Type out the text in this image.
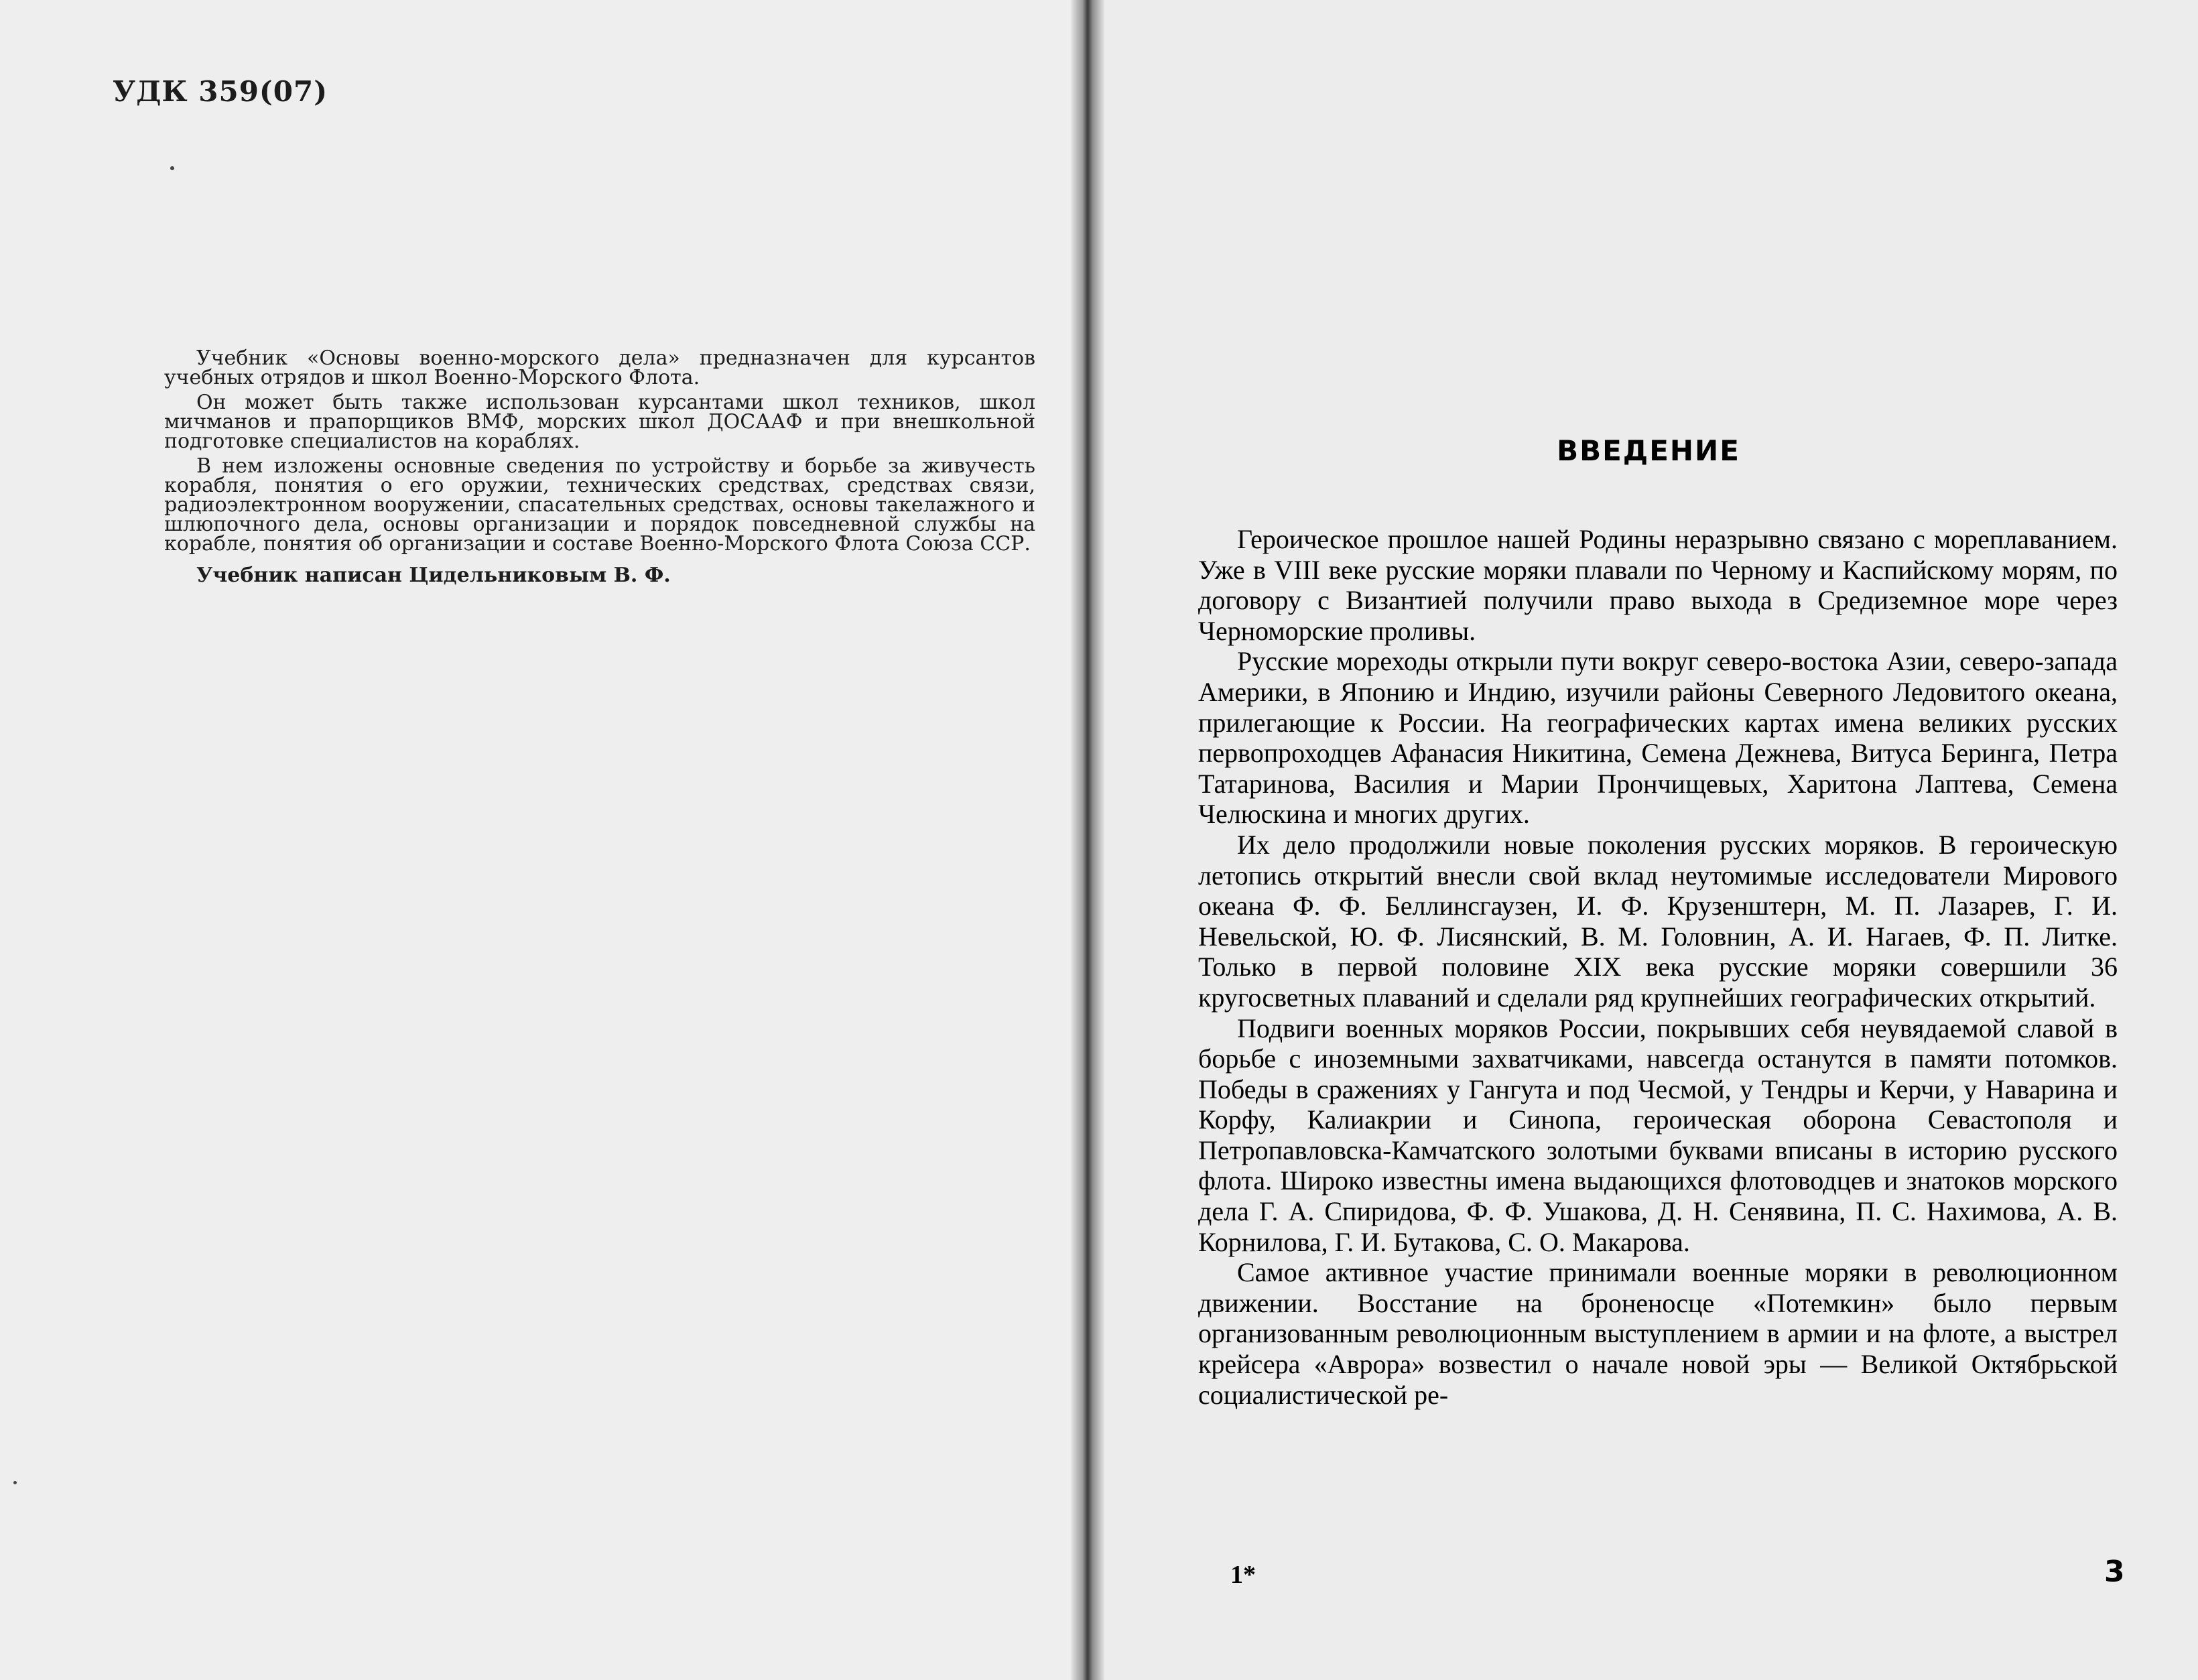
УДК 359(07)

Учебник «Основы военно-морского дела» предназначен для курсантов учебных отрядов и школ Военно-Морского Флота.

Он может быть также использован курсантами школ техников, школ мичманов и прапорщиков ВМФ, морских школ ДОСААФ и при внешкольной подготовке специалистов на кораблях.

В нем изложены основные сведения по устройству и борьбе за живучесть корабля, понятия о его оружии, технических средствах, средствах связи, радиоэлектронном вооружении, спасательных средствах, основы такелажного и шлюпочного дела, основы организации и порядок повседневной службы на корабле, понятия об организации и составе Военно-Морского Флота Союза ССР.

Учебник написан Цидельниковым В. Ф.

ВВЕДЕНИЕ

Героическое прошлое нашей Родины неразрывно связано с мореплаванием. Уже в VIII веке русские моряки плавали по Черному и Каспийскому морям, по договору с Византией получили право выхода в Средиземное море через Черноморские проливы.

Русские мореходы открыли пути вокруг северо-востока Азии, северо-запада Америки, в Японию и Индию, изучили районы Северного Ледовитого океана, прилегающие к России. На географических картах имена великих русских первопроходцев Афанасия Никитина, Семена Дежнева, Витуса Беринга, Петра Татаринова, Василия и Марии Прончищевых, Харитона Лаптева, Семена Челюскина и многих других.

Их дело продолжили новые поколения русских моряков. В героическую летопись открытий внесли свой вклад неутомимые исследователи Мирового океана Ф. Ф. Беллинсгаузен, И. Ф. Крузенштерн, М. П. Лазарев, Г. И. Невельской, Ю. Ф. Лисянский, В. М. Головнин, А. И. Нагаев, Ф. П. Литке. Только в первой половине XIX века русские моряки совершили 36 кругосветных плаваний и сделали ряд крупнейших географических открытий.

Подвиги военных моряков России, покрывших себя неувядаемой славой в борьбе с иноземными захватчиками, навсегда останутся в памяти потомков. Победы в сражениях у Гангута и под Чесмой, у Тендры и Керчи, у Наварина и Корфу, Калиакрии и Синопа, героическая оборона Севастополя и Петропавловска-Камчатского золотыми буквами вписаны в историю русского флота. Широко известны имена выдающихся флотоводцев и знатоков морского дела Г. А. Спиридова, Ф. Ф. Ушакова, Д. Н. Сенявина, П. С. Нахимова, А. В. Корнилова, Г. И. Бутакова, С. О. Макарова.

Самое активное участие принимали военные моряки в революционном движении. Восстание на броненосце «Потемкин» было первым организованным революционным выступлением в армии и на флоте, а выстрел крейсера «Аврора» возвестил о начале новой эры — Великой Октябрьской социалистической ре-

1*	3
